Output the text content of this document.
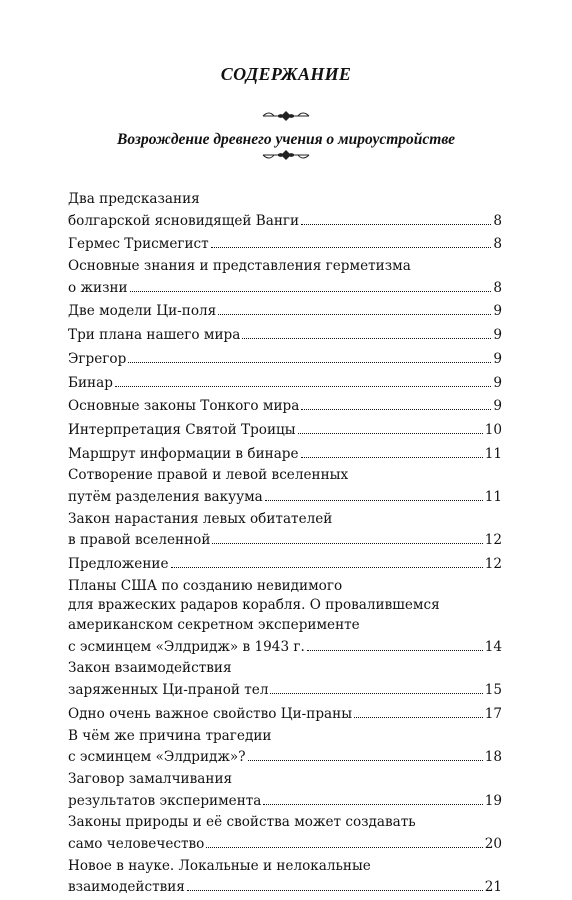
СОДЕРЖАНИЕ
Возрождение древнего учения о мироустройстве
Два предсказания
болгарской ясновидящей Ванги	8
Гермес Трисмегист	8
Основные знания и представления герметизма
о жизни	8
Две модели Ци-поля	9
Три плана нашего мира	9
Эгрегор	9
Бинар	9
Основные законы Тонкого мира	9
Интерпретация Святой Троицы	10
Маршрут информации в бинаре	11
Сотворение правой и левой вселенных
путём разделения вакуума	11
Закон нарастания левых обитателей
в правой вселенной	12
Предложение	12
Планы США по созданию невидимого
для вражеских радаров корабля. О провалившемся
американском секретном эксперименте
с эсминцем «Элдридж» в 1943 г.	14
Закон взаимодействия
заряженных Ци-праной тел	15
Одно очень важное свойство Ци-праны	17
В чём же причина трагедии
с эсминцем «Элдридж»?	18
Заговор замалчивания
результатов эксперимента	19
Законы природы и её свойства может создавать
само человечество	20
Новое в науке. Локальные и нелокальные
взаимодействия	21
